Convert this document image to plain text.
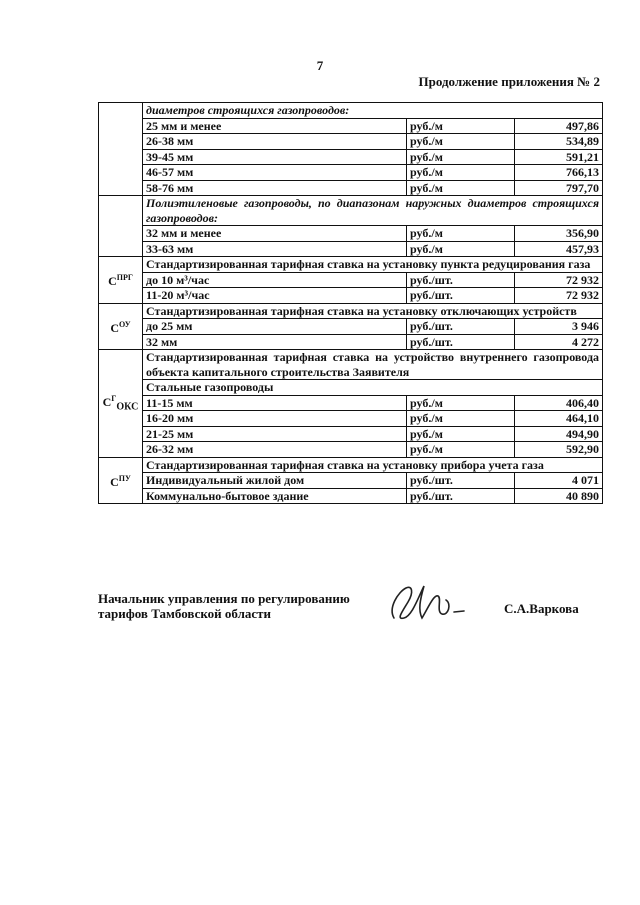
7
Продолжение приложения № 2
	диаметров строящихся газопроводов:		
	25 мм и менее	руб./м	497,86
	26-38 мм	руб./м	534,89
	39-45 мм	руб./м	591,21
	46-57 мм	руб./м	766,13
	58-76 мм	руб./м	797,70
	Полиэтиленовые газопроводы, по диапазонам наружных диаметров строящихся газопроводов:		
	32 мм и менее	руб./м	356,90
	33-63 мм	руб./м	457,93
$С^{ПРГ}$	Стандартизированная тарифная ставка на установку пункта редуцирования газа		
	до 10 м³/час	руб./шт.	72 932
	11-20 м³/час	руб./шт.	72 932
$С^{ОУ}$	Стандартизированная тарифная ставка на установку отключающих устройств		
	до 25 мм	руб./шт.	3 946
	32 мм	руб./шт.	4 272
$С^Г_{ОКС}$	Стандартизированная тарифная ставка на устройство внутреннего газопровода объекта капитального строительства Заявителя		
	Стальные газопроводы		
	11-15 мм	руб./м	406,40
	16-20 мм	руб./м	464,10
	21-25 мм	руб./м	494,90
	26-32 мм	руб./м	592,90
$С^{ПУ}$	Стандартизированная тарифная ставка на установку прибора учета газа		
	Индивидуальный жилой дом	руб./шт.	4 071
	Коммунально-бытовое здание	руб./шт.	40 890
Начальник управления по регулированию
тарифов Тамбовской области	С.А.Варкова
